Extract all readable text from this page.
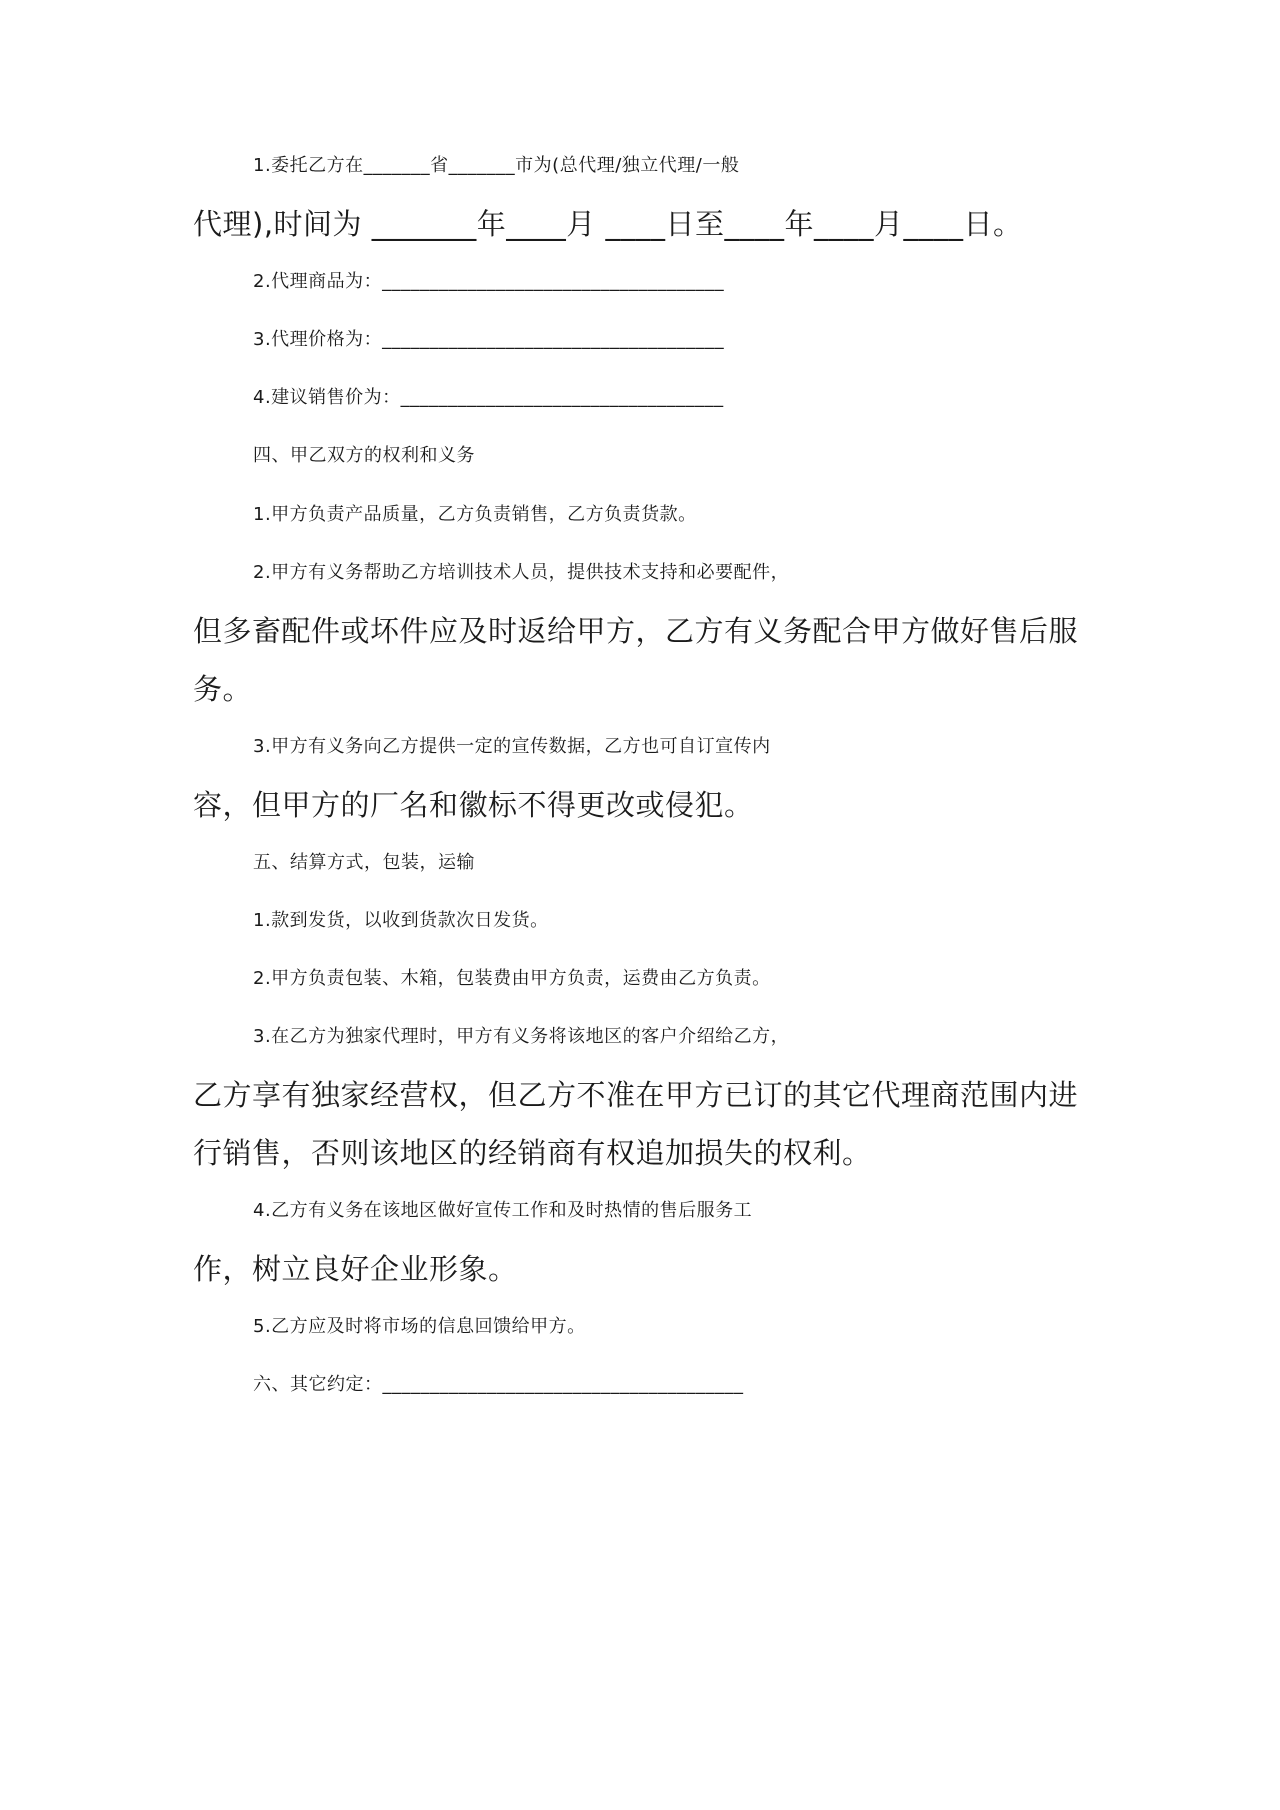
1.委托乙方在_______省_______市为(总代理/独立代理/一般
代理),时间为 _______年____月 ____日至____年____月____日。
2.代理商品为：____________________________________
3.代理价格为：____________________________________
4.建议销售价为：__________________________________
四、甲乙双方的权利和义务
1.甲方负责产品质量，乙方负责销售，乙方负责货款。
2.甲方有义务帮助乙方培训技术人员，提供技术支持和必要配件，
但多畜配件或坏件应及时返给甲方，乙方有义务配合甲方做好售后服
务。
3.甲方有义务向乙方提供一定的宣传数据，乙方也可自订宣传内
容，但甲方的厂名和徽标不得更改或侵犯。
五、结算方式，包装，运输
1.款到发货，以收到货款次日发货。
2.甲方负责包装、木箱，包装费由甲方负责，运费由乙方负责。
3.在乙方为独家代理时，甲方有义务将该地区的客户介绍给乙方，
乙方享有独家经营权，但乙方不准在甲方已订的其它代理商范围内进
行销售，否则该地区的经销商有权追加损失的权利。
4.乙方有义务在该地区做好宣传工作和及时热情的售后服务工
作，树立良好企业形象。
5.乙方应及时将市场的信息回馈给甲方。
六、其它约定：______________________________________
